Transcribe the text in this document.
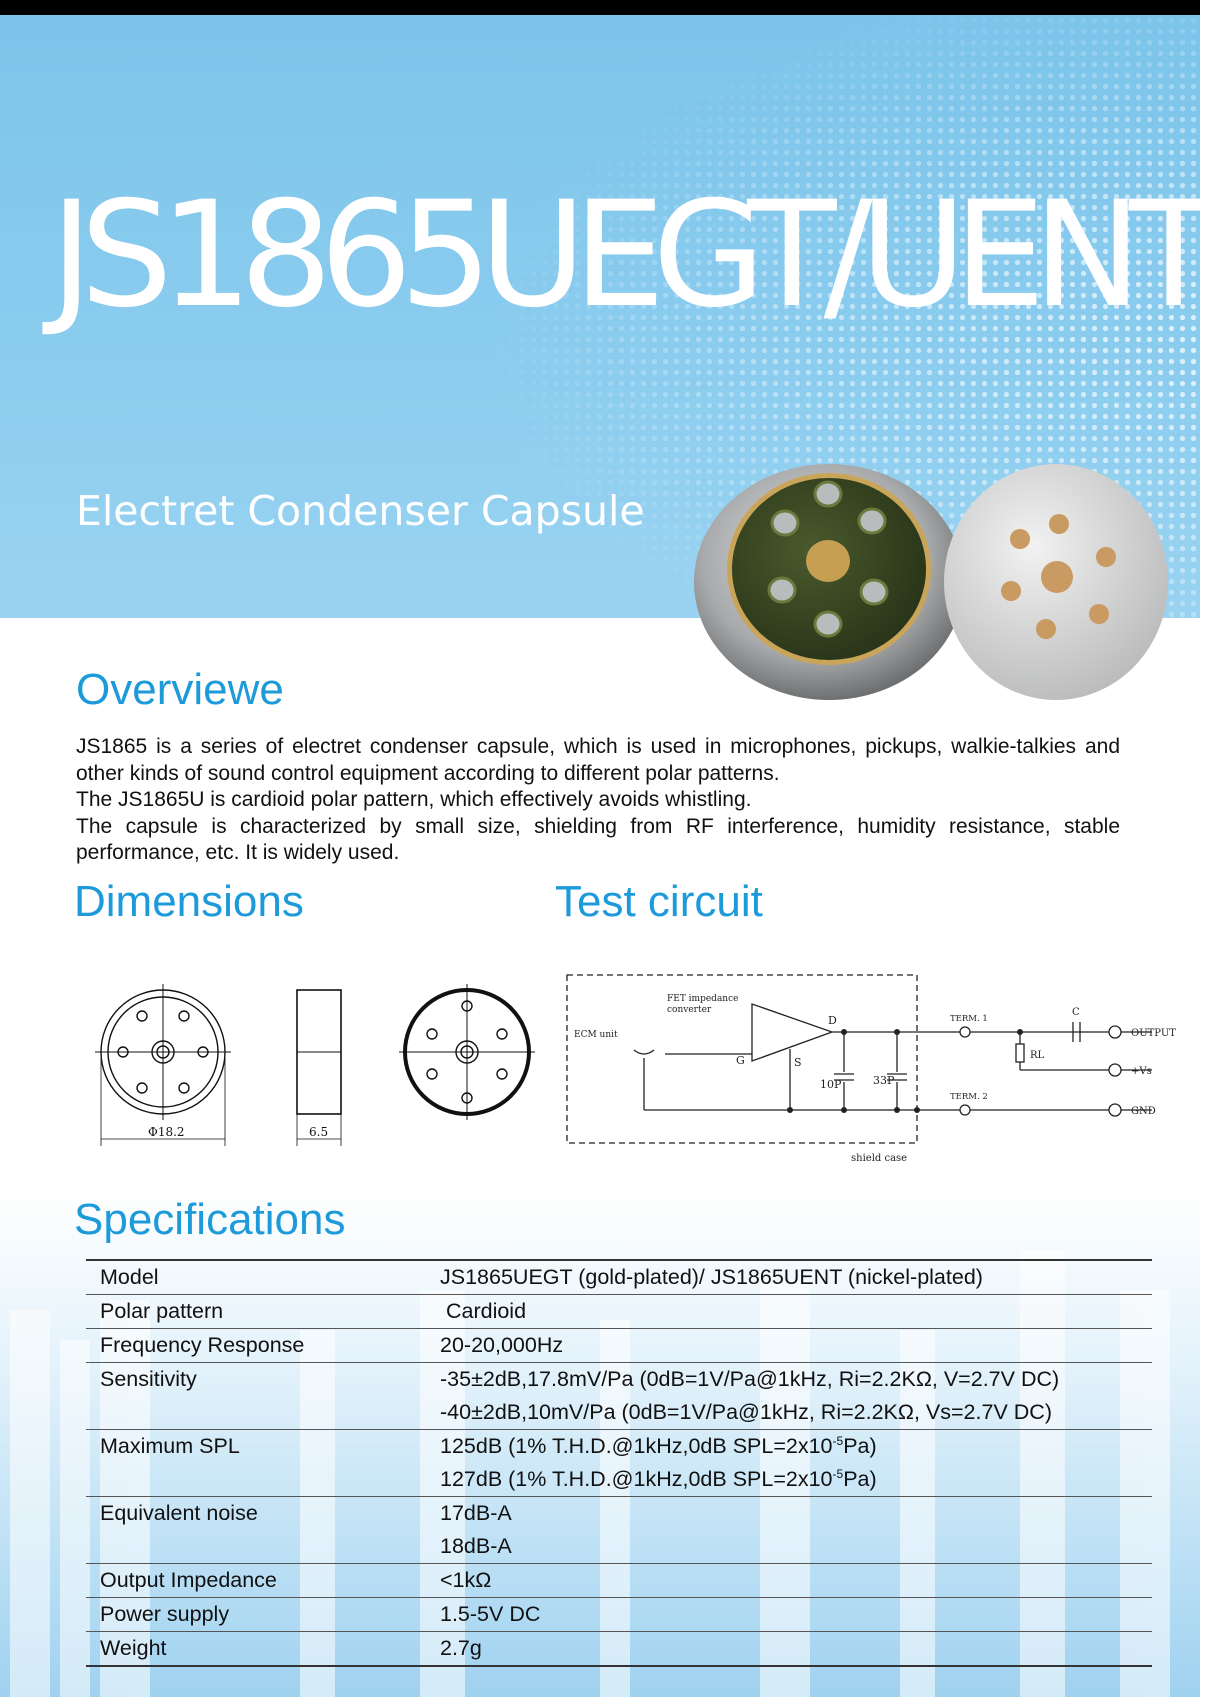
JS1865UEGT/UENT
Electret Condenser Capsule
Overviewe

JS1865 is a series of electret condenser capsule, which is used in microphones, pickups, walkie-talkies and other kinds of sound control equipment according to different polar patterns.

The JS1865U is cardioid polar pattern, which effectively avoids whistling.

The capsule is characterized by small size, shielding from RF interference, humidity resistance, stable performance, etc. It is widely used.

Dimensions	Test circuit
Φ18.2	6.5
FET impedance
converter
ECM unit
G
D
S
10P	33P
TERM. 1
TERM. 2
C
RL
OUTPUT
+Vs
GND
shield case
Specifications
Model	JS1865UEGT (gold-plated)/ JS1865UENT (nickel-plated)
Polar pattern	Cardioid
Frequency Response	20-20,000Hz
Sensitivity	-35±2dB,17.8mV/Pa (0dB=1V/Pa@1kHz, Ri=2.2KΩ, V=2.7V DC)
-40±2dB,10mV/Pa (0dB=1V/Pa@1kHz, Ri=2.2KΩ, Vs=2.7V DC)
Maximum SPL	125dB (1% T.H.D.@1kHz,0dB $SPL=2x10^{-5}Pa$)
127dB (1% T.H.D.@1kHz,0dB $SPL=2x10^{-5}Pa$)
Equivalent noise	17dB-A
18dB-A
Output Impedance	<1kΩ
Power supply	1.5-5V DC
Weight	2.7g
